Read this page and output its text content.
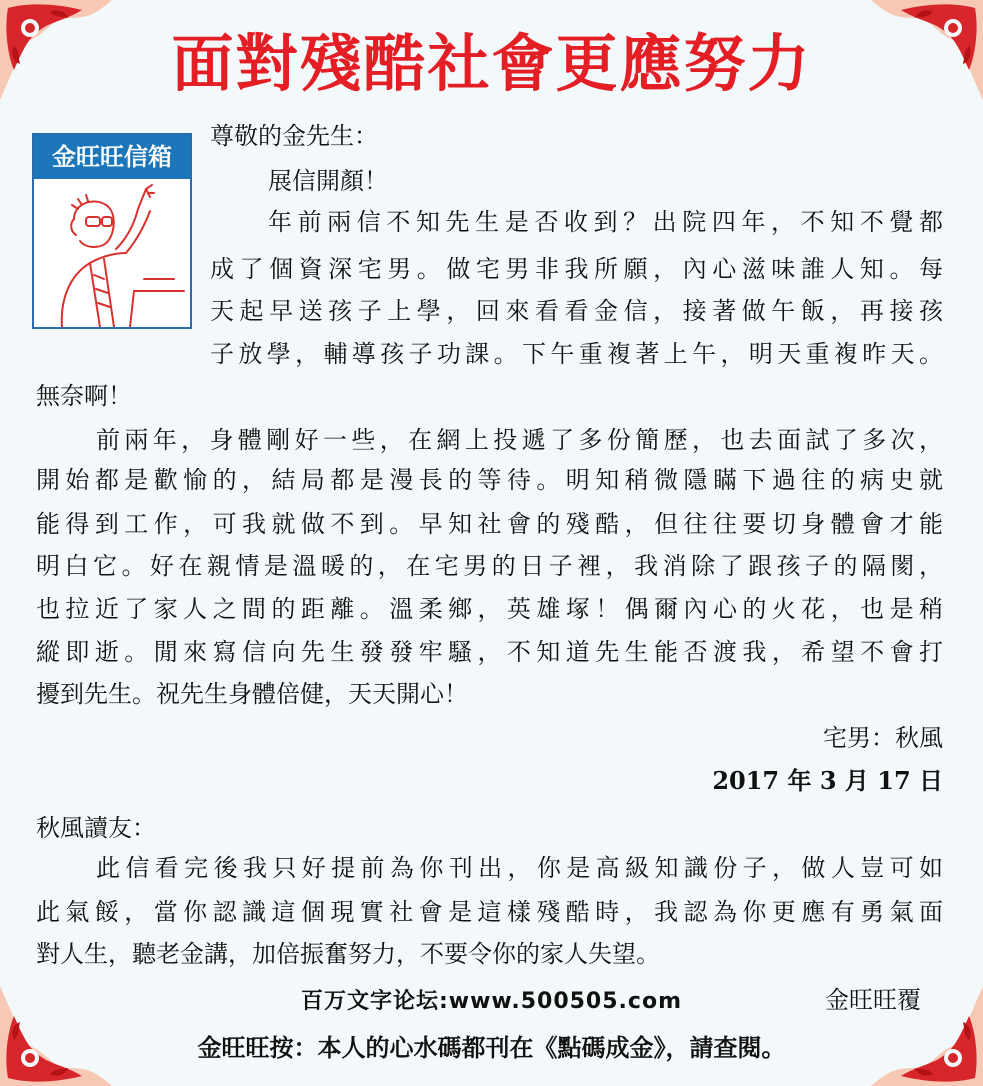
面對殘酷社會更應努力
金旺旺信箱
尊敬的金先生：
展信開顏！
年前兩信不知先生是否收到？出院四年，不知不覺都
成了個資深宅男。做宅男非我所願，內心滋味誰人知。每
天起早送孩子上學，回來看看金信，接著做午飯，再接孩
子放學，輔導孩子功課。下午重複著上午，明天重複昨天。
無奈啊！
前兩年，身體剛好一些，在網上投遞了多份簡歷，也去面試了多次，
開始都是歡愉的，結局都是漫長的等待。明知稍微隱瞞下過往的病史就
能得到工作，可我就做不到。早知社會的殘酷，但往往要切身體會才能
明白它。好在親情是溫暖的，在宅男的日子裡，我消除了跟孩子的隔閡，
也拉近了家人之間的距離。溫柔鄉，英雄塚！偶爾內心的火花，也是稍
縱即逝。閒來寫信向先生發發牢騷，不知道先生能否渡我，希望不會打
擾到先生。祝先生身體倍健，天天開心！
宅男：秋風
2017 年 3 月 17 日
秋風讀友：
此信看完後我只好提前為你刊出，你是高級知識份子，做人豈可如
此氣餒，當你認識這個現實社會是這樣殘酷時，我認為你更應有勇氣面
對人生，聽老金講，加倍振奮努力，不要令你的家人失望。
百万文字论坛:www.500505.com	金旺旺覆
金旺旺按：本人的心水碼都刊在《點碼成金》，請查閱。
